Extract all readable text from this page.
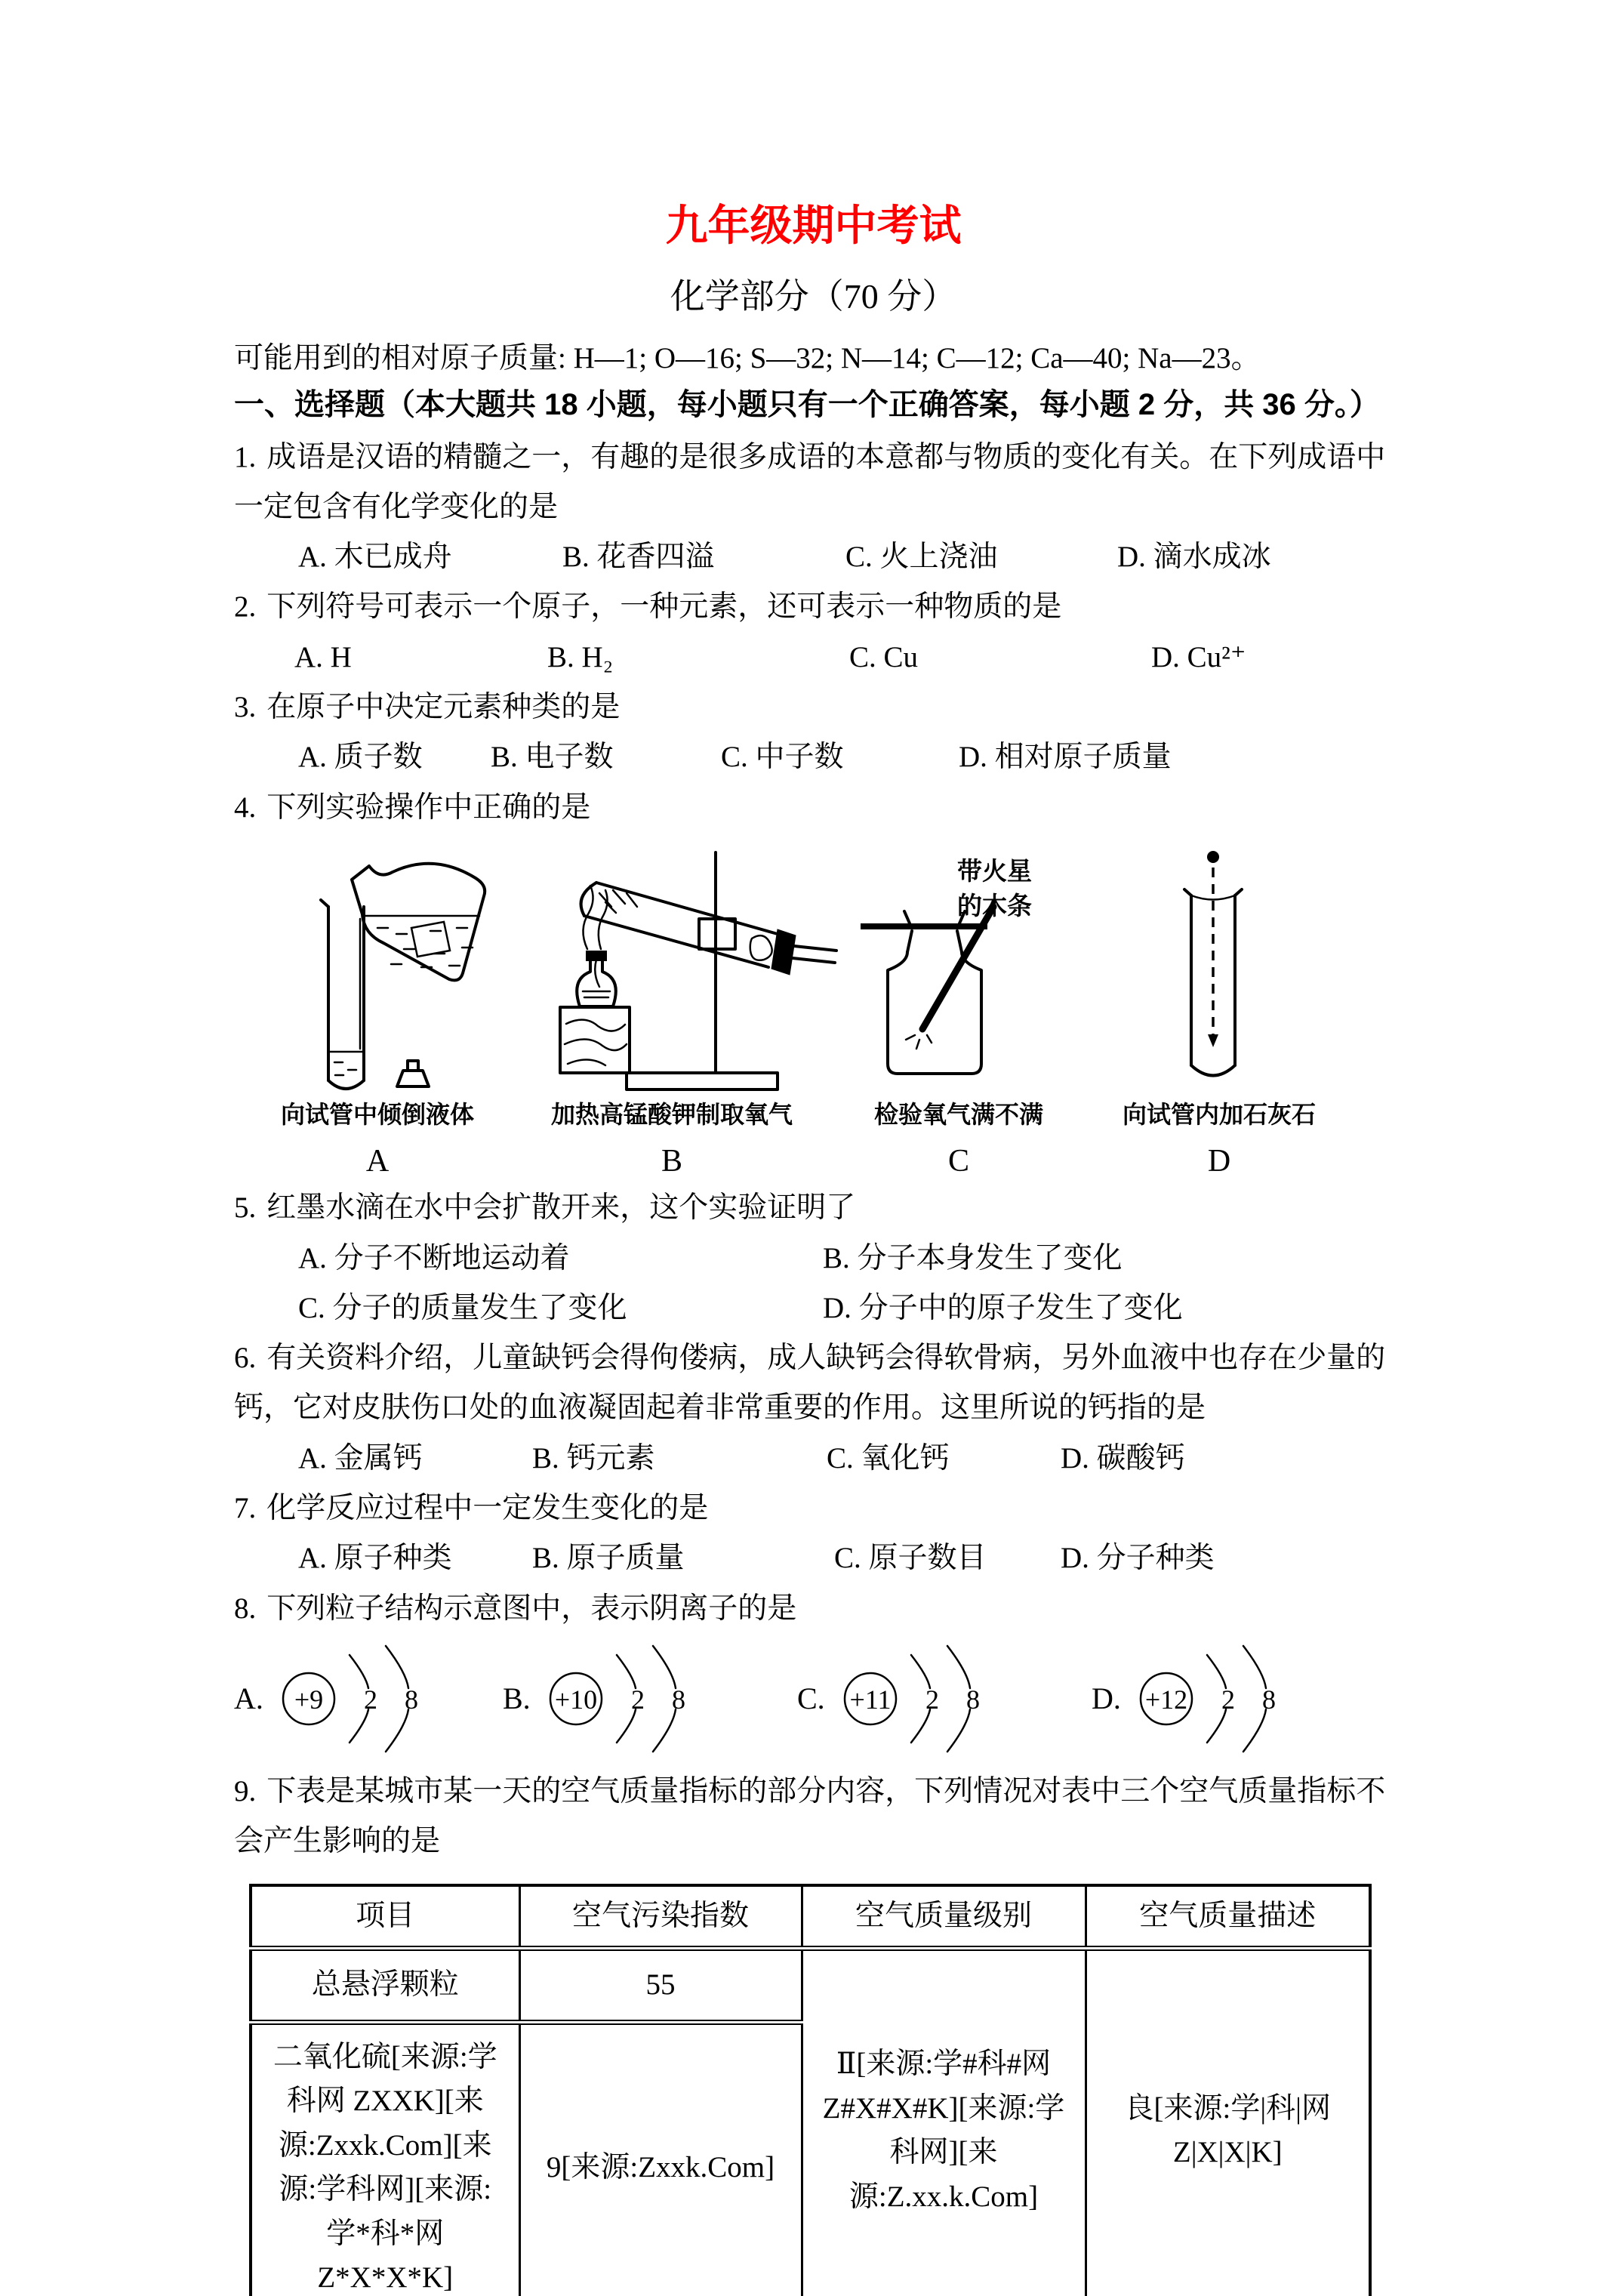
九年级期中考试
化学部分（70 分）

可能用到的相对原子质量: H—1; O—16; S—32; N—14; C—12; Ca—40; Na—23。

一、选择题（本大题共 18 小题，每小题只有一个正确答案，每小题 2 分，共 36 分。）

1. 成语是汉语的精髓之一，有趣的是很多成语的本意都与物质的变化有关。在下列成语中一定包含有化学变化的是

A. 木已成舟	B. 花香四溢	C. 火上浇油	D. 滴水成冰

2. 下列符号可表示一个原子，一种元素，还可表示一种物质的是

A. H	B. H₂	C. Cu	D. Cu²⁺

3. 在原子中决定元素种类的是

A. 质子数	B. 电子数	C. 中子数	D. 相对原子质量

4. 下列实验操作中正确的是

向试管中倾倒液体
A
加热高锰酸钾制取氧气
B
带火星
的木条
检验氧气满不满
C
向试管内加石灰石
D

5. 红墨水滴在水中会扩散开来，这个实验证明了

A. 分子不断地运动着	B. 分子本身发生了变化
C. 分子的质量发生了变化	D. 分子中的原子发生了变化

6. 有关资料介绍，儿童缺钙会得佝偻病，成人缺钙会得软骨病，另外血液中也存在少量的钙，它对皮肤伤口处的血液凝固起着非常重要的作用。这里所说的钙指的是

A. 金属钙	B. 钙元素	C. 氧化钙	D. 碳酸钙

7. 化学反应过程中一定发生变化的是

A. 原子种类	B. 原子质量	C. 原子数目	D. 分子种类

8. 下列粒子结构示意图中，表示阴离子的是

A. +9 2 8	B. +10 2 8	C. +11 2 8	D. +12 2 8

9. 下表是某城市某一天的空气质量指标的部分内容，下列情况对表中三个空气质量指标不会产生影响的是

项目	空气污染指数	空气质量级别	空气质量描述
总悬浮颗粒	55	Ⅱ[来源:学#科#网 Z#X#X#K][来源:学科网][来源:Z.xx.k.Com]	良[来源:学|科|网 Z|X|X|K]
二氧化硫[来源:学科网 ZXXK][来源:Zxxk.Com][来源:学科网][来源:学*科*网 Z*X*X*K]	9[来源:Zxxk.Com]		
